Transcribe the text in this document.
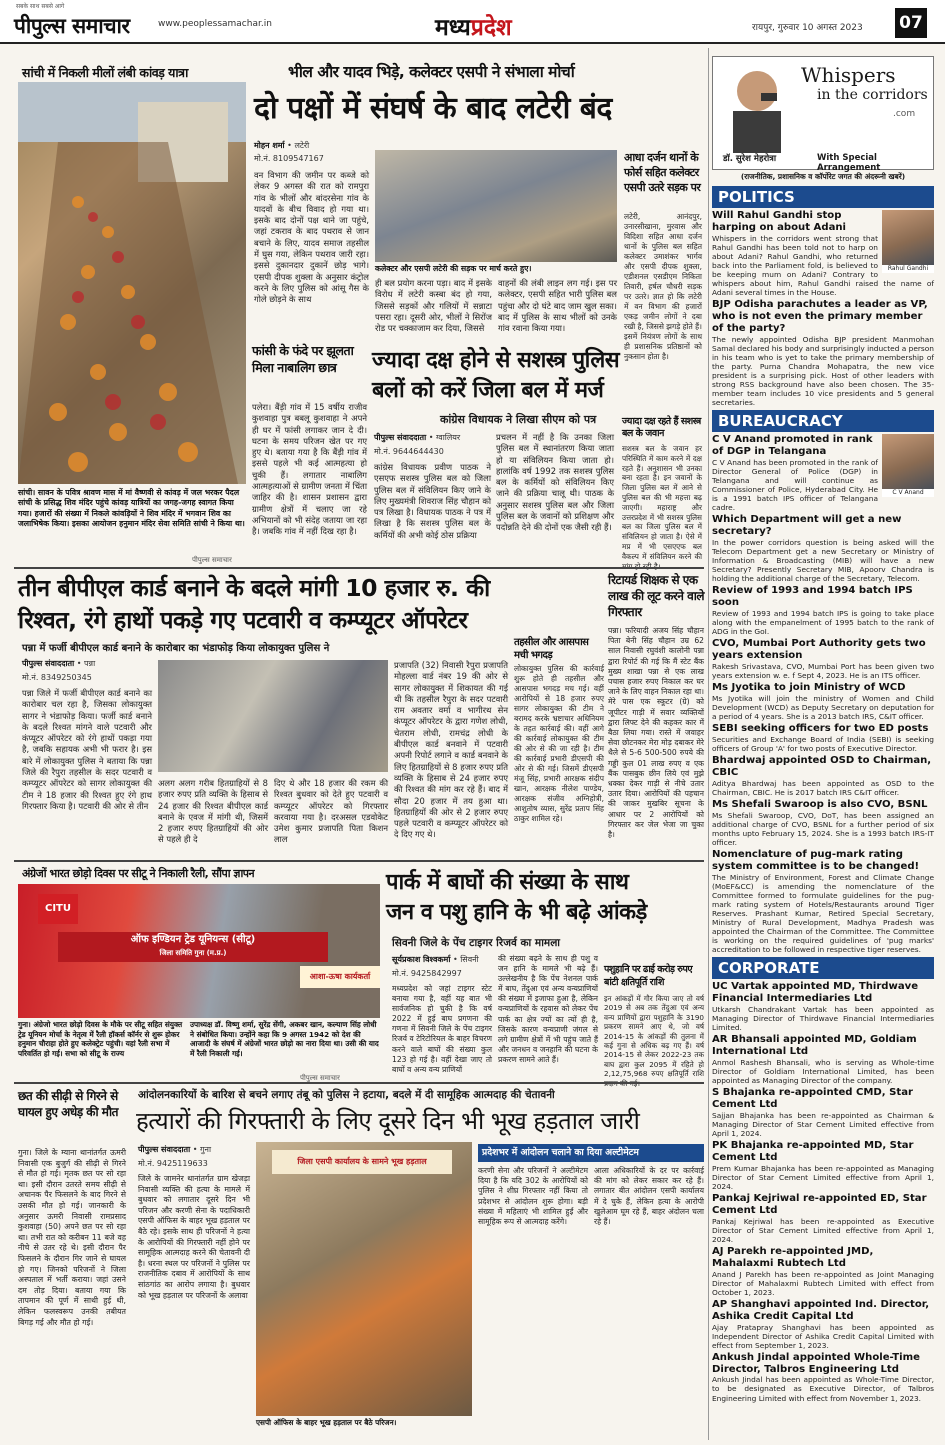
सबके साथ सबसे आगे
पीपुल्स समाचार	www.peoplessamachar.in	मध्यप्रदेश	रायपुर, गुरुवार 10 अगस्त 2023 07
सांची में निकली मीलों लंबी कांवड़ यात्रा
सांची। सावन के पवित्र श्रावण मास में मां वैष्णवी से कांवड़ में जल भरकर पैदल सांची के प्रसिद्ध शिव मंदिर पहुंचे कांवड़ यात्रियों का जगह-जगह स्वागत किया गया। हजारों की संख्या में निकले कांवड़ियों ने शिव मंदिर में भगवान शिव का जलाभिषेक किया। इसका आयोजन हनुमान मंदिर सेवा समिति सांची ने किया था।
पीपुल्स समाचार
भील और यादव भिड़े, कलेक्टर एसपी ने संभाला मोर्चा
दो पक्षों में संघर्ष के बाद लटेरी बंद
मोहन शर्मा • लटेरी
मो.नं. 8109547167
वन विभाग की जमीन पर कब्जे को लेकर 9 अगस्त की रात को रामपुरा गांव के भीलों और बांदरसेना गांव के यादवों के बीच विवाद हो गया था। इसके बाद दोनों पक्ष थाने जा पहुंचे, जहां टकराव के बाद पथराव से जान बचाने के लिए, यादव समाज तहसील में घुस गया, लेकिन पथराव जारी रहा। इससे दुकानदार दुकानें छोड़ भागे। एसपी दीपक शुक्ला के अनुसार कंट्रोल करने के लिए पुलिस को आंसू गैस के गोले छोड़ने के साथ
कलेक्टर और एसपी लटेरी की सड़क पर मार्च करते हुए।
ही बल प्रयोग करना पड़ा। बाद में इसके विरोध में लटेरी कस्बा बंद हो गया, जिससे सड़कों और गलियों में सन्नाटा पसरा रहा। दूसरी ओर, भीलों ने सिरोंज रोड पर चक्काजाम कर दिया, जिससे
वाहनों की लंबी लाइन लग गई। इस पर कलेक्टर, एसपी सहित भारी पुलिस बल पहुंचा और दो घंटे बाद जाम खुल सका। बाद में पुलिस के साथ भीलों को उनके गांव रवाना किया गया।
आधा दर्जन थानों के फोर्स सहित कलेक्टर एसपी उतरे सड़क पर
लटेरी, आनंदपुर, उनारसीखाना, मुरवास और विदिशा सहित आधा दर्जन थानों के पुलिस बल सहित कलेक्टर उमाशंकर भार्गव और एसपी दीपक शुक्ला, एडीशनल एसडीएम निकिता तिवारी, हर्षल चौधरी सड़क पर उतरे। ज्ञात हो कि लटेरी में वन विभाग की हजारों एकड़ जमीन लोगों ने दबा रखी है, जिससे झगड़े होते हैं। इसमें नियंत्रण लोगों के साथ ही प्रशासनिक प्रतिष्ठानों को नुकसान होता है।
फांसी के फंदे पर झूलता मिला नाबालिग छात्र
पलेरा। बैंड़ी गांव में 15 वर्षीय राजीव कुशवाहा पुत्र बबलू कुशवाहा ने अपने ही घर में फांसी लगाकर जान दे दी। घटना के समय परिजन खेत पर गए हुए थे। बताया गया है कि बैंड़ी गांव में इससे पहले भी कई आत्महत्या हो चुकी हैं। लगातार नाबालिग आत्महत्याओं से ग्रामीण जनता में चिंता जाहिर की है। शासन प्रशासन द्वारा ग्रामीण क्षेत्रों में चलाए जा रहे अभियानों को भी संदेह जताया जा रहा है। जबकि गांव में नहीं दिख रहा है।
ज्यादा दक्ष होने से सशस्त्र पुलिस
बलों को करें जिला बल में मर्ज
कांग्रेस विधायक ने लिखा सीएम को पत्र
पीपुल्स संवाददाता • ग्वालियर
मो.नं. 9644644430
कांग्रेस विधायक प्रवीण पाठक ने एसएफ सशस्त्र पुलिस बल को जिला पुलिस बल में संविलियन किए जाने के लिए मुख्यमंत्री शिवराज सिंह चौहान को पत्र लिखा है। विधायक पाठक ने पत्र में लिखा है कि सशस्त्र पुलिस बल के कर्मियों की अभी कोई ठोस प्रक्रिया
प्रचलन में नहीं है कि उनका जिला पुलिस बल में स्थानांतरण किया जाता हो या संविलियन किया जाता हो। हालांकि वर्ष 1992 तक सशस्त्र पुलिस बल के कर्मियों को संविलियन किए जाने की प्रक्रिया चालू थी। पाठक के अनुसार सशस्त्र पुलिस बल और जिला पुलिस बल के जवानों को प्रशिक्षण और पदोन्नति देने की दोनों एक जैसी रही हैं।
ज्यादा दक्ष रहते हैं सशस्त्र बल के जवान
सशस्त्र बल के जवान हर परिस्थिति में काम करने में दक्ष रहते हैं। अनुशासन भी उनका बना रहता है। इन जवानों के जिला पुलिस बल में आने से पुलिस बल की भी महत्ता बढ़ जाएगी। महाराष्ट्र और उत्तरप्रदेश में भी सशस्त्र पुलिस बल का जिला पुलिस बल में संविलियन हो जाता है। ऐसे में मप्र में भी एसएएफ बल वैकल्प में संविलियन करने की
तीन बीपीएल कार्ड बनाने के बदले मांगी 10 हजार रु. की
रिश्वत, रंगे हाथों पकड़े गए पटवारी व कम्प्यूटर ऑपरेटर
पन्ना में फर्जी बीपीएल कार्ड बनाने के कारोबार का भंडाफोड़ किया लोकायुक्त पुलिस ने
पीपुल्स संवाददाता • पन्ना
मो.नं. 8349250345
पन्ना जिले में फर्जी बीपीएल कार्ड बनाने का कारोबार चल रहा है, जिसका लोकायुक्त सागर ने भंडाफोड़ किया। फर्जी कार्ड बनाने के बदले रिश्वत मांगने वाले पटवारी और कंप्यूटर ऑपरेटर को रंगे हाथों पकड़ा गया है, जबकि सहायक अभी भी फरार है। इस बारे में लोकायुक्त पुलिस ने बताया कि पन्ना जिले की रैपुरा तहसील के सदर पटवारी व कम्प्यूटर ऑपरेटर को सागर लोकायुक्त की टीम ने 18 हजार की रिश्वत हुए रंगे हाथ गिरफ्तार किया है। पटवारी की ओर से तीन
अलग अलग गरीब हितग्राहियों से 8 हजार रुपए प्रति व्यक्ति के हिसाब से 24 हजार की रिश्वत बीपीएल कार्ड बनाने के एवज में मांगी थी, जिसमें 2 हजार रुपए हितग्राहियों की ओर से पहले ही दे
दिए थे और 18 हजार की रकम की रिश्वत बुधवार को देते हुए पटवारी व कम्प्यूटर ऑपरेटर को गिरफ्तार करवाया गया है। दरअसल एडवोकेट उमेश कुमार प्रजापति पिता किशन लाल
प्रजापति (32) निवासी रैपुरा प्रजापति मोहल्ला वार्ड नंबर 19 की ओर से सागर लोकायुक्त में शिकायत की गई थी कि तहसील रैपुरा के सदर पटवारी राम अवतार वर्मा व भागीरथ सेन कंप्यूटर ऑपरेटर के द्वारा गणेश लोधी, चेतराम लोधी, रामचंद्र लोधी के बीपीएल कार्ड बनवाने में पटवारी अपनी रिपोर्ट लगाने व कार्ड बनवाने के लिए हितग्राहियों से 8 हजार रुपए प्रति व्यक्ति के हिसाब से 24 हजार रुपए की रिश्वत की मांग कर रहे हैं। बाद में सौदा 20 हजार में तय हुआ था। हितग्राहियों की ओर से 2 हजार रुपए पहले पटवारी व कम्प्यूटर ऑपरेटर को दे दिए गए थे।
तहसील और आसपास मची भगदड़
लोकायुक्त पुलिस की कार्रवाई शुरू होते ही तहसील और आसपास भगदड़ मच गई। वहीं आरोपियों से 18 हजार रुपए सागर लोकायुक्त की टीम ने बरामद करके भ्रष्टाचार अधिनियम के तहत कार्रवाई की। वहीं आगे की कार्रवाई लोकायुक्त की टीम की ओर से की जा रही है। टीम की कार्रवाई प्रभारी डीएसपी की ओर से की गई। जिसमें डीएसपी मंजू सिंह, प्रभारी आरक्षक संदीप खान, आरक्षक नीलेश पाण्डेय, आरक्षक संजीव अग्निहोत्री, आशुतोष व्यास, सुरेंद्र प्रताप सिंह ठाकुर शामिल रहे।
रिटायर्ड शिक्षक से एक लाख की लूट करने वाले गिरफ्तार
पन्ना। फरियादी अजय सिंह चौहान पिता बेनी सिंह चौहान उम्र 62 साल निवासी रघुवंशी कालोनी पन्ना द्वारा रिपोर्ट की गई कि मैं स्टेट बैंक मुख्य शाखा पन्ना से एक लाख पचास हजार रुपए निकाल कर घर जाने के लिए वाहन निकाल रहा था। मेरे पास एक स्कूटर (ग्रे) को जूपीटर गाड़ी में सवार व्यक्तियों द्वारा लिफ्ट देने की कहकर कार में बैठा लिया गया। रास्ते में जवाहर सेवा छोटनकर मेरा मोड़ दबाकर मेरे थैले से 5-6 500-500 रुपये की गड्डी कुल 01 लाख रुपए व एक बैंक पासबुक छीन लिये एवं मुझे धक्का देकर गाड़ी से नीचे उतार उतार दिया। आरोपियों की पहचान की जाकर मुखबिर सूचना के आधार पर 2 आरोपियों को गिरफ्तार कर जेल भेजा जा चुका है।
अंग्रेजों भारत छोड़ो दिवस पर सीटू ने निकाली रैली, सौंपा ज्ञापन
CITU
ऑफ इण्डियन ट्रेड यूनियन्स (सीटू)
जिला समिति गुना (म.प्र.)
आशा-ऊषा कार्यकर्ता
गुना। अंग्रेजो भारत छोड़ो दिवस के मौके पर सीटू सहित संयुक्त ट्रेड यूनियन मोर्चा के नेतृत्व में रैली हॉकर्स कॉर्नर से शुरू होकर हनुमान चौराहा होते हुए कलेक्ट्रेट पहुंची। यहां रैली सभा में परिवर्तित हो गई। सभा को सीटू के राज्य
उपाध्यक्ष डॉ. विष्णु शर्मा, सुरेंद्र सेंगी, अकबर खान, कल्याण सिंह लोधी ने संबोधित किया। उन्होंने कहा कि 9 अगस्त 1942 को देश की आजादी के संघर्ष में अंग्रेजों भारत छोड़ो का नारा दिया था। उसी की याद में रैली निकाली गई।
पीपुल्स समाचार
पार्क में बाघों की संख्या के साथ
जन व पशु हानि के भी बढ़े आंकड़े
सिवनी जिले के पेंच टाइगर रिजर्व का मामला
सूर्यप्रकाश विश्वकर्मा • सिवनी
मो.नं. 9425842997
मध्यप्रदेश को जहां टाइगर स्टेट बनाया गया है, वहीं यह बात भी सार्वजनिक हो चुकी है कि वर्ष 2022 में हुई बाघ प्रगणना की गणना में सिवनी जिले के पेंच टाइगर रिजर्व व टेरिटोरियल के बाहर विचरण करने वाले बाघों की संख्या कुल 123 हो गई है। वहीं देखा जाए तो बाघों व अन्य वन्य प्राणियों
की संख्या बढ़ने के साथ ही पशु व जन हानि के मामले भी बढ़े हैं। उल्लेखनीय है कि पेंच नेशनल पार्क में बाघ, तेंदुआ एवं अन्य वन्यप्राणियों की संख्या में इजाफा हुआ है, लेकिन वन्यप्राणियों के रहवास को लेकर पेंच पार्क का क्षेत्र ज्यों का त्यों ही है, जिसके कारण वन्यप्राणी जंगल से लगे ग्रामीण क्षेत्रों में भी पहुंच जाते हैं और जनधन व जनहानि की घटना के प्रकरण सामने आते हैं।
पशुहानि पर ढाई करोड़ रुपए बांटी क्षतिपूर्ति राशि
इन आंकड़ों में गौर किया जाए तो वर्ष 2019 से अब तक तेंदुआ एवं अन्य वन्य प्राणियों द्वारा पशुहानि के 3190 प्रकरण सामने आए थे, जो वर्ष 2014-15 के आंकड़ों की तुलना में कई गुना से अधिक बढ़ गए हैं। वर्ष 2014-15 से लेकर 2022-23 तक बाघ द्वारा कुल 2095 में रहिते हो 2,12,75,968 रुपए क्षतिपूर्ति राशि
छत की सीढ़ी से गिरने से घायल हुए अधेड़ की मौत
गुना। जिले के म्याना थानांतर्गत ऊमरी निवासी एक बुजुर्ग की सीढ़ी से गिरने से मौत हो गई। मृतक छत पर सो रहा था। इसी दौरान उतरते समय सीढ़ी से अचानक पैर फिसलने के बाद गिरने से उसकी मौत हो गई। जानकारी के अनुसार ऊमरी निवासी रामप्रसाद कुशवाहा (50) अपने छत पर सो रहा था। तभी रात को करीबन 11 बजे वह नीचे से उतर रहे थे। इसी दौरान पैर फिसलने के दौरान गिर जाने से घायल हो गए। जिनको परिजनों ने जिला अस्पताल में भर्ती कराया। जहां उसने दम तोड़ दिया। बताया गया कि तापमान की पूर्ण में साथी हुई थी, लेकिन फलस्वरूप उनकी तबीयत बिगड़ गई और मौत हो गई।
आंदोलनकारियों के बारिश से बचने लगाए तंबू को पुलिस ने हटाया, बदले में दी सामूहिक आत्मदाह की चेतावनी
हत्यारों की गिरफ्तारी के लिए दूसरे दिन भी भूख हड़ताल जारी
पीपुल्स संवाददाता • गुना
मो.नं. 9425119633
जिले के जामनेर थानांतर्गत ग्राम खेजड़ा निवासी व्यक्ति की हत्या के मामले में बुधवार को लगातार दूसरे दिन भी परिजन और करणी सेना के पदाधिकारी एसपी ऑफिस के बाहर भूख हड़ताल पर बैठे रहे। इसके साथ ही परिजनों ने हत्या के आरोपियों की गिरफ्तारी नहीं होने पर सामूहिक आत्मदाह करने की चेतावनी दी है। धरना स्थल पर परिजनों ने पुलिस पर राजनीतिक दबाव में आरोपियों के साथ सांठगांठ का आरोप लगाया है। बुधवार को भूख हड़ताल पर परिजनों के अलावा
जिला एसपी कार्यालय के सामने भूख हड़ताल
एसपी ऑफिस के बाहर भूख हड़ताल पर बैठे परिजन।
प्रदेशभर में आंदोलन चलाने का दिया अल्टीमेटम
करणी सेना और परिजनों ने अल्टीमेटम दिया है कि यदि 302 के आरोपियों को पुलिस ने शीघ्र गिरफ्तार नहीं किया तो प्रदेशभर से आंदोलन शुरू होगा। बड़ी संख्या में महिलाएं भी शामिल हुईं और सामूहिक रूप से आत्मदाह करेंगे।
आला अधिकारियों के दर पर कार्रवाई की मांग को लेकर सकार कर रहे हैं। लगातार बीत आंदोलन एसपी कार्यालय में दे चुके हैं, लेकिन हत्या के आरोपी खुलेआम घूम रहे हैं, बाहर अंदोलन चला रहे हैं।
Whispers
in the corridors
.com
डॉ. सुरेश मेहरोत्रा	With Special Arrangement
(राजनीतिक, प्रशासनिक व कॉर्पोरेट जगत की अंदरूनी खबरें)
POLITICS
Rahul Gandhi
Will Rahul Gandhi stop harping on about Adani
Whispers in the corridors went strong that Rahul Gandhi has been told not to harp on about Adani? Rahul Gandhi, who returned back into the Parliament fold, is believed to be keeping mum on Adani? Contrary to whispers about him, Rahul Gandhi raised the name of Adani several times in the House.
BJP Odisha parachutes a leader as VP, who is not even the primary member of the party?
The newly appointed Odisha BJP president Manmohan Samal declared his body and surprisingly inducted a person in his team who is yet to take the primary membership of the party. Purna Chandra Mohapatra, the new vice president is a surprising pick. Host of other leaders with strong RSS background have also been chosen. The 35-member team includes 10 vice presidents and 5 general secretaries.
BUREAUCRACY
C V Anand
C V Anand promoted in rank of DGP in Telangana
C V Anand has been promoted in the rank of Director General of Police (DGP) in Telangana and will continue as Commissioner of Police, Hyderabad City. He is a 1991 batch IPS officer of Telangana cadre.
Which Department will get a new secretary?
In the power corridors question is being asked will the Telecom Department get a new Secretary or Ministry of Information & Broadcasting (MIB) will have a new Secretary? Presently Secretary MIB, Apoorv Chandra is holding the additional charge of the Secretary, Telecom.
Review of 1993 and 1994 batch IPS soon
Review of 1993 and 1994 batch IPS is going to take place along with the empanelment of 1995 batch to the rank of ADG in the GoI.
CVO, Mumbai Port Authority gets two years extension
Rakesh Srivastava, CVO, Mumbai Port has been given two years extension w. e. f Sept 4, 2023. He is an ITS officer.
Ms Jyotika to join Ministry of WCD
Ms Jyotika will join the ministry of Women and Child Development (WCD) as Deputy Secretary on deputation for a period of 4 years. She is a 2013 batch IRS, C&IT officer.
SEBI seeking officers for two ED posts
Securities and Exchange Board of India (SEBI) is seeking officers of Group 'A' for two posts of Executive Director.
Bhardwaj appointed OSD to Chairman, CBIC
Aditya Bhardwaj has been appointed as OSD to the Chairman, CBIC. He is 2017 batch IRS C&IT officer.
Ms Shefali Swaroop is also CVO, BSNL
Ms Shefali Swaroop, CVO, DoT, has been assigned an additional charge of CVO, BSNL for a further period of six months upto February 15, 2024. She is a 1993 batch IRS-IT officer.
Nomenclature of pug-mark rating system committee is to be changed!
The Ministry of Environment, Forest and Climate Change (MoEF&CC) is amending the nomenclature of the Committee formed to formulate guidelines for the pug-mark rating system of Hotels/Restaurants around Tiger Reserves. Prashant Kumar, Retired Special Secretary, Ministry of Rural Development, Madhya Pradesh was appointed the Chairman of the Committee. The Committee is working on the required guidelines of 'pug marks' accreditation to be followed in respective tiger reserves.
CORPORATE
UC Vartak appointed MD, Thirdwave Financial Intermediaries Ltd
Utkarsh Chandrakant Vartak has been appointed as Managing Director of Thirdwave Financial Intermediaries Limited.
AR Bhansali appointed MD, Goldiam International Ltd
Anmol Rashesh Bhansali, who is serving as Whole-time Director of Goldiam International Limited, has been appointed as Managing Director of the company.
S Bhajanka re-appointed CMD, Star Cement Ltd
Sajjan Bhajanka has been re-appointed as Chairman & Managing Director of Star Cement Limited effective from April 1, 2024.
PK Bhajanka re-appointed MD, Star Cement Ltd
Prem Kumar Bhajanka has been re-appointed as Managing Director of Star Cement Limited effective from April 1, 2024.
Pankaj Kejriwal re-appointed ED, Star Cement Ltd
Pankaj Kejriwal has been re-appointed as Executive Director of Star Cement Limited effective from April 1, 2024.
AJ Parekh re-appointed JMD, Mahalaxmi Rubtech Ltd
Anand J Parekh has been re-appointed as Joint Managing Director of Mahalaxmi Rubtech Limited with effect from October 1, 2023.
AP Shanghavi appointed Ind. Director, Ashika Credit Capital Ltd
Ajay Pratapray Shanghavi has been appointed as Independent Director of Ashika Credit Capital Limited with effect from September 1, 2023.
Ankush Jindal appointed Whole-Time Director, Talbros Engineering Ltd
Ankush Jindal has been appointed as Whole-Time Director, to be designated as Executive Director, of Talbros Engineering Limited with effect from November 1, 2023.
